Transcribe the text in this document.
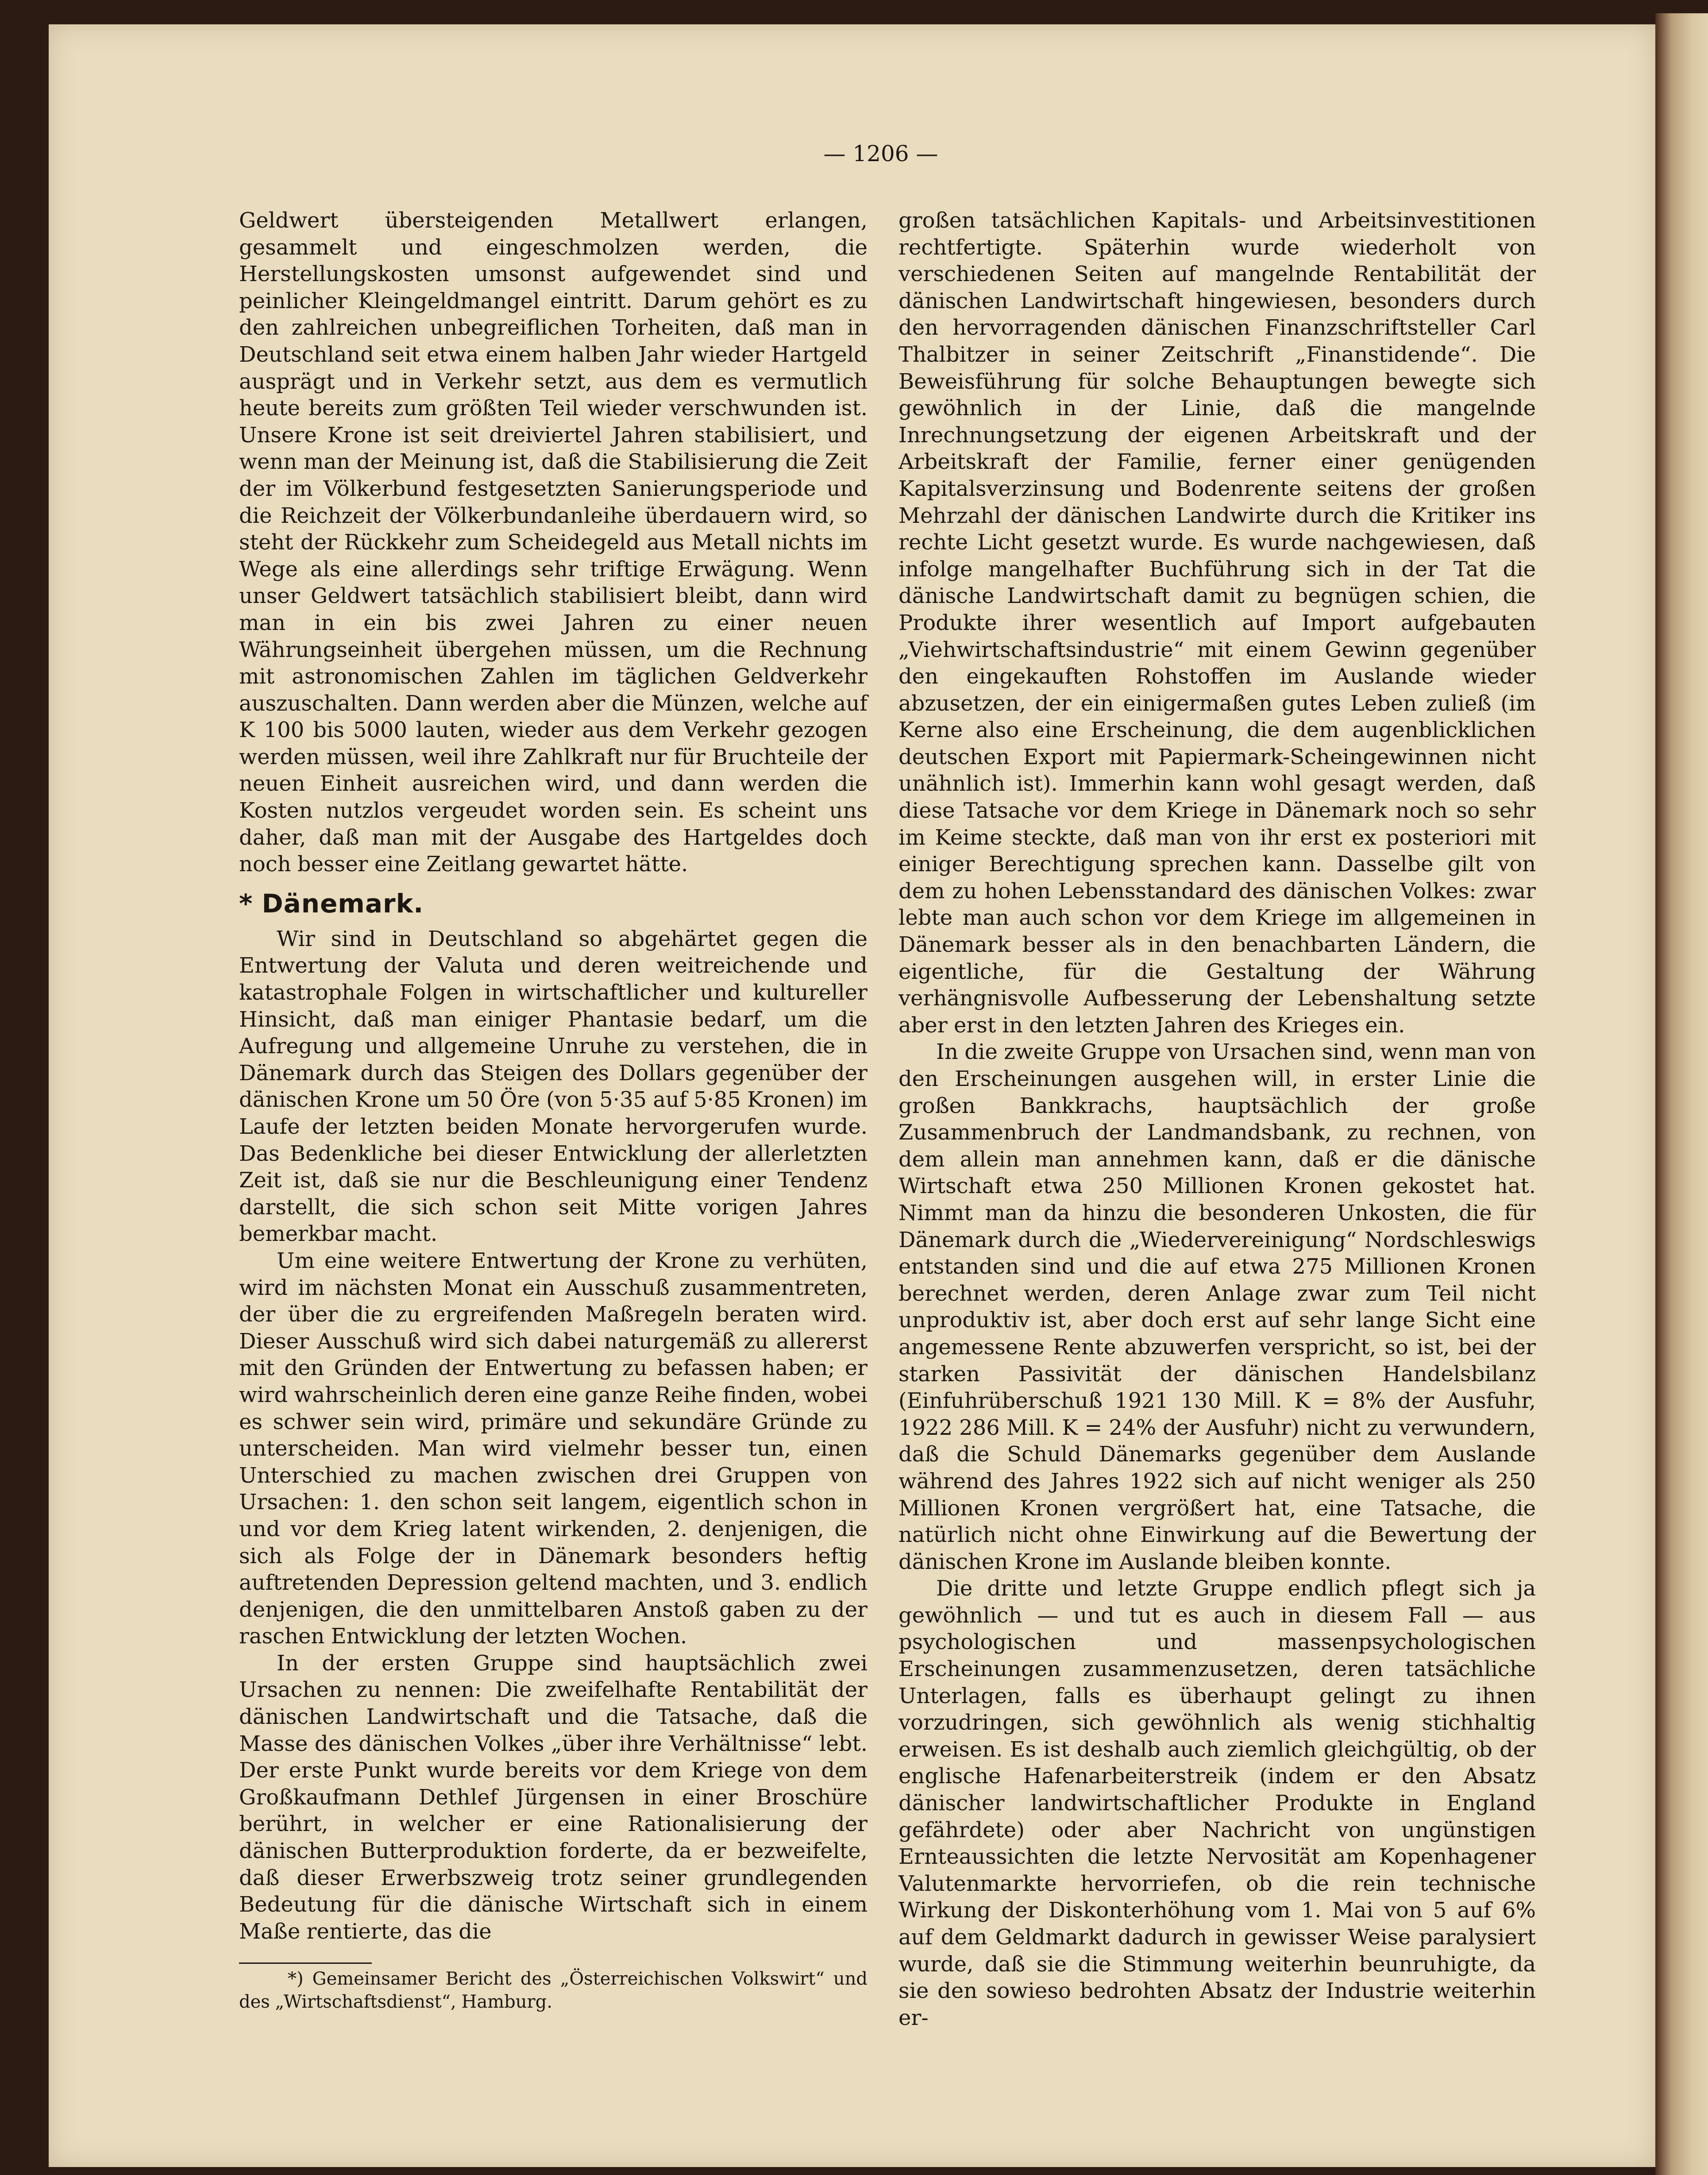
— 1206 —

Geldwert übersteigenden Metallwert erlangen, gesammelt und eingeschmolzen werden, die Herstellungskosten umsonst aufgewendet sind und peinlicher Kleingeldmangel eintritt. Darum gehört es zu den zahlreichen unbegreiflichen Torheiten, daß man in Deutschland seit etwa einem halben Jahr wieder Hartgeld ausprägt und in Verkehr setzt, aus dem es vermutlich heute bereits zum größten Teil wieder verschwunden ist. Unsere Krone ist seit dreiviertel Jahren stabilisiert, und wenn man der Meinung ist, daß die Stabilisierung die Zeit der im Völkerbund festgesetzten Sanierungsperiode und die Reichzeit der Völkerbundanleihe überdauern wird, so steht der Rückkehr zum Scheidegeld aus Metall nichts im Wege als eine allerdings sehr triftige Erwägung. Wenn unser Geldwert tatsächlich stabilisiert bleibt, dann wird man in ein bis zwei Jahren zu einer neuen Währungseinheit übergehen müssen, um die Rechnung mit astronomischen Zahlen im täglichen Geldverkehr auszuschalten. Dann werden aber die Münzen, welche auf K 100 bis 5000 lauten, wieder aus dem Verkehr gezogen werden müssen, weil ihre Zahlkraft nur für Bruchteile der neuen Einheit ausreichen wird, und dann werden die Kosten nutzlos vergeudet worden sein. Es scheint uns daher, daß man mit der Ausgabe des Hartgeldes doch noch besser eine Zeitlang gewartet hätte.

* Dänemark.

Wir sind in Deutschland so abgehärtet gegen die Entwertung der Valuta und deren weitreichende und katastrophale Folgen in wirtschaftlicher und kultureller Hinsicht, daß man einiger Phantasie bedarf, um die Aufregung und allgemeine Unruhe zu verstehen, die in Dänemark durch das Steigen des Dollars gegenüber der dänischen Krone um 50 Öre (von 5·35 auf 5·85 Kronen) im Laufe der letzten beiden Monate hervorgerufen wurde. Das Bedenkliche bei dieser Entwicklung der allerletzten Zeit ist, daß sie nur die Beschleunigung einer Tendenz darstellt, die sich schon seit Mitte vorigen Jahres bemerkbar macht.

Um eine weitere Entwertung der Krone zu verhüten, wird im nächsten Monat ein Ausschuß zusammentreten, der über die zu ergreifenden Maßregeln beraten wird. Dieser Ausschuß wird sich dabei naturgemäß zu allererst mit den Gründen der Entwertung zu befassen haben; er wird wahrscheinlich deren eine ganze Reihe finden, wobei es schwer sein wird, primäre und sekundäre Gründe zu unterscheiden. Man wird vielmehr besser tun, einen Unterschied zu machen zwischen drei Gruppen von Ursachen: 1. den schon seit langem, eigentlich schon in und vor dem Krieg latent wirkenden, 2. denjenigen, die sich als Folge der in Dänemark besonders heftig auftretenden Depression geltend machten, und 3. endlich denjenigen, die den unmittelbaren Anstoß gaben zu der raschen Entwicklung der letzten Wochen.

In der ersten Gruppe sind hauptsächlich zwei Ursachen zu nennen: Die zweifelhafte Rentabilität der dänischen Landwirtschaft und die Tatsache, daß die Masse des dänischen Volkes „über ihre Verhältnisse“ lebt. Der erste Punkt wurde bereits vor dem Kriege von dem Großkaufmann Dethlef Jürgensen in einer Broschüre berührt, in welcher er eine Rationalisierung der dänischen Butterproduktion forderte, da er bezweifelte, daß dieser Erwerbszweig trotz seiner grundlegenden Bedeutung für die dänische Wirtschaft sich in einem Maße rentierte, das die

*) Gemeinsamer Bericht des „Österreichischen Volkswirt“ und des „Wirtschaftsdienst“, Hamburg.

großen tatsächlichen Kapitals- und Arbeitsinvestitionen rechtfertigte. Späterhin wurde wiederholt von verschiedenen Seiten auf mangelnde Rentabilität der dänischen Landwirtschaft hingewiesen, besonders durch den hervorragenden dänischen Finanzschriftsteller Carl Thalbitzer in seiner Zeitschrift „Finanstidende“. Die Beweisführung für solche Behauptungen bewegte sich gewöhnlich in der Linie, daß die mangelnde Inrechnungsetzung der eigenen Arbeitskraft und der Arbeitskraft der Familie, ferner einer genügenden Kapitalsverzinsung und Bodenrente seitens der großen Mehrzahl der dänischen Landwirte durch die Kritiker ins rechte Licht gesetzt wurde. Es wurde nachgewiesen, daß infolge mangelhafter Buchführung sich in der Tat die dänische Landwirtschaft damit zu begnügen schien, die Produkte ihrer wesentlich auf Import aufgebauten „Viehwirtschaftsindustrie“ mit einem Gewinn gegenüber den eingekauften Rohstoffen im Auslande wieder abzusetzen, der ein einigermaßen gutes Leben zuließ (im Kerne also eine Erscheinung, die dem augenblicklichen deutschen Export mit Papiermark-Scheingewinnen nicht unähnlich ist). Immerhin kann wohl gesagt werden, daß diese Tatsache vor dem Kriege in Dänemark noch so sehr im Keime steckte, daß man von ihr erst ex posteriori mit einiger Berechtigung sprechen kann. Dasselbe gilt von dem zu hohen Lebensstandard des dänischen Volkes: zwar lebte man auch schon vor dem Kriege im allgemeinen in Dänemark besser als in den benachbarten Ländern, die eigentliche, für die Gestaltung der Währung verhängnisvolle Aufbesserung der Lebenshaltung setzte aber erst in den letzten Jahren des Krieges ein.

In die zweite Gruppe von Ursachen sind, wenn man von den Erscheinungen ausgehen will, in erster Linie die großen Bankkrachs, hauptsächlich der große Zusammenbruch der Landmandsbank, zu rechnen, von dem allein man annehmen kann, daß er die dänische Wirtschaft etwa 250 Millionen Kronen gekostet hat. Nimmt man da hinzu die besonderen Unkosten, die für Dänemark durch die „Wiedervereinigung“ Nordschleswigs entstanden sind und die auf etwa 275 Millionen Kronen berechnet werden, deren Anlage zwar zum Teil nicht unproduktiv ist, aber doch erst auf sehr lange Sicht eine angemessene Rente abzuwerfen verspricht, so ist, bei der starken Passivität der dänischen Handelsbilanz (Einfuhrüberschuß 1921 130 Mill. K = 8% der Ausfuhr, 1922 286 Mill. K = 24% der Ausfuhr) nicht zu verwundern, daß die Schuld Dänemarks gegenüber dem Auslande während des Jahres 1922 sich auf nicht weniger als 250 Millionen Kronen vergrößert hat, eine Tatsache, die natürlich nicht ohne Einwirkung auf die Bewertung der dänischen Krone im Auslande bleiben konnte.

Die dritte und letzte Gruppe endlich pflegt sich ja gewöhnlich — und tut es auch in diesem Fall — aus psychologischen und massenpsychologischen Erscheinungen zusammenzusetzen, deren tatsächliche Unterlagen, falls es überhaupt gelingt zu ihnen vorzudringen, sich gewöhnlich als wenig stichhaltig erweisen. Es ist deshalb auch ziemlich gleichgültig, ob der englische Hafenarbeiterstreik (indem er den Absatz dänischer landwirtschaftlicher Produkte in England gefährdete) oder aber Nachricht von ungünstigen Ernteaussichten die letzte Nervosität am Kopenhagener Valutenmarkte hervorriefen, ob die rein technische Wirkung der Diskonterhöhung vom 1. Mai von 5 auf 6% auf dem Geldmarkt dadurch in gewisser Weise paralysiert wurde, daß sie die Stimmung weiterhin beunruhigte, da sie den sowieso bedrohten Absatz der Industrie weiterhin er-
